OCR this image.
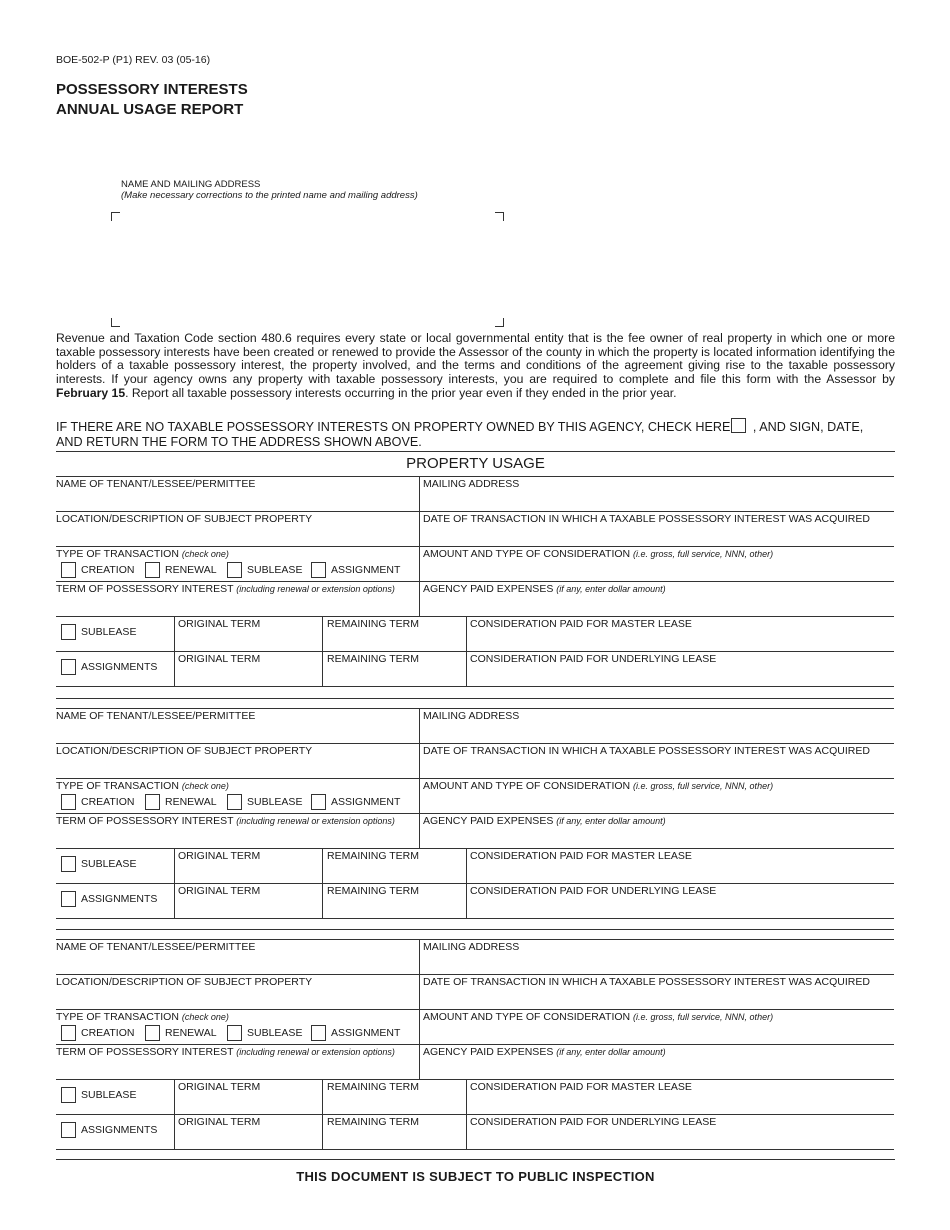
BOE-502-P (P1) REV. 03 (05-16)
POSSESSORY INTERESTS
ANNUAL USAGE REPORT
NAME AND MAILING ADDRESS
(Make necessary corrections to the printed name and mailing address)
Revenue and Taxation Code section 480.6 requires every state or local governmental entity that is the fee owner of real property in which one or more taxable possessory interests have been created or renewed to provide the Assessor of the county in which the property is located information identifying the holders of a taxable possessory interest, the property involved, and the terms and conditions of the agreement giving rise to the taxable possessory interests. If your agency owns any property with taxable possessory interests, you are required to complete and file this form with the Assessor by February 15. Report all taxable possessory interests occurring in the prior year even if they ended in the prior year.
IF THERE ARE NO TAXABLE POSSESSORY INTERESTS ON PROPERTY OWNED BY THIS AGENCY, CHECK HERE , AND SIGN, DATE,
AND RETURN THE FORM TO THE ADDRESS SHOWN ABOVE.
PROPERTY USAGE
NAME OF TENANT/LESSEE/PERMITTEE	MAILING ADDRESS
LOCATION/DESCRIPTION OF SUBJECT PROPERTY	DATE OF TRANSACTION IN WHICH A TAXABLE POSSESSORY INTEREST WAS ACQUIRED
TYPE OF TRANSACTION (check one)	AMOUNT AND TYPE OF CONSIDERATION (i.e. gross, full service, NNN, other)
CREATION	RENEWAL	SUBLEASE	ASSIGNMENT
TERM OF POSSESSORY INTEREST (including renewal or extension options)	AGENCY PAID EXPENSES (if any, enter dollar amount)
SUBLEASE
ORIGINAL TERM	REMAINING TERM	CONSIDERATION PAID FOR MASTER LEASE
ASSIGNMENTS
ORIGINAL TERM	REMAINING TERM	CONSIDERATION PAID FOR UNDERLYING LEASE
NAME OF TENANT/LESSEE/PERMITTEE	MAILING ADDRESS
LOCATION/DESCRIPTION OF SUBJECT PROPERTY	DATE OF TRANSACTION IN WHICH A TAXABLE POSSESSORY INTEREST WAS ACQUIRED
TYPE OF TRANSACTION (check one)	AMOUNT AND TYPE OF CONSIDERATION (i.e. gross, full service, NNN, other)
CREATION	RENEWAL	SUBLEASE	ASSIGNMENT
TERM OF POSSESSORY INTEREST (including renewal or extension options)	AGENCY PAID EXPENSES (if any, enter dollar amount)
SUBLEASE
ORIGINAL TERM	REMAINING TERM	CONSIDERATION PAID FOR MASTER LEASE
ASSIGNMENTS
ORIGINAL TERM	REMAINING TERM	CONSIDERATION PAID FOR UNDERLYING LEASE
NAME OF TENANT/LESSEE/PERMITTEE	MAILING ADDRESS
LOCATION/DESCRIPTION OF SUBJECT PROPERTY	DATE OF TRANSACTION IN WHICH A TAXABLE POSSESSORY INTEREST WAS ACQUIRED
TYPE OF TRANSACTION (check one)	AMOUNT AND TYPE OF CONSIDERATION (i.e. gross, full service, NNN, other)
CREATION	RENEWAL	SUBLEASE	ASSIGNMENT
TERM OF POSSESSORY INTEREST (including renewal or extension options)	AGENCY PAID EXPENSES (if any, enter dollar amount)
SUBLEASE
ORIGINAL TERM	REMAINING TERM	CONSIDERATION PAID FOR MASTER LEASE
ASSIGNMENTS
ORIGINAL TERM	REMAINING TERM	CONSIDERATION PAID FOR UNDERLYING LEASE
THIS DOCUMENT IS SUBJECT TO PUBLIC INSPECTION
